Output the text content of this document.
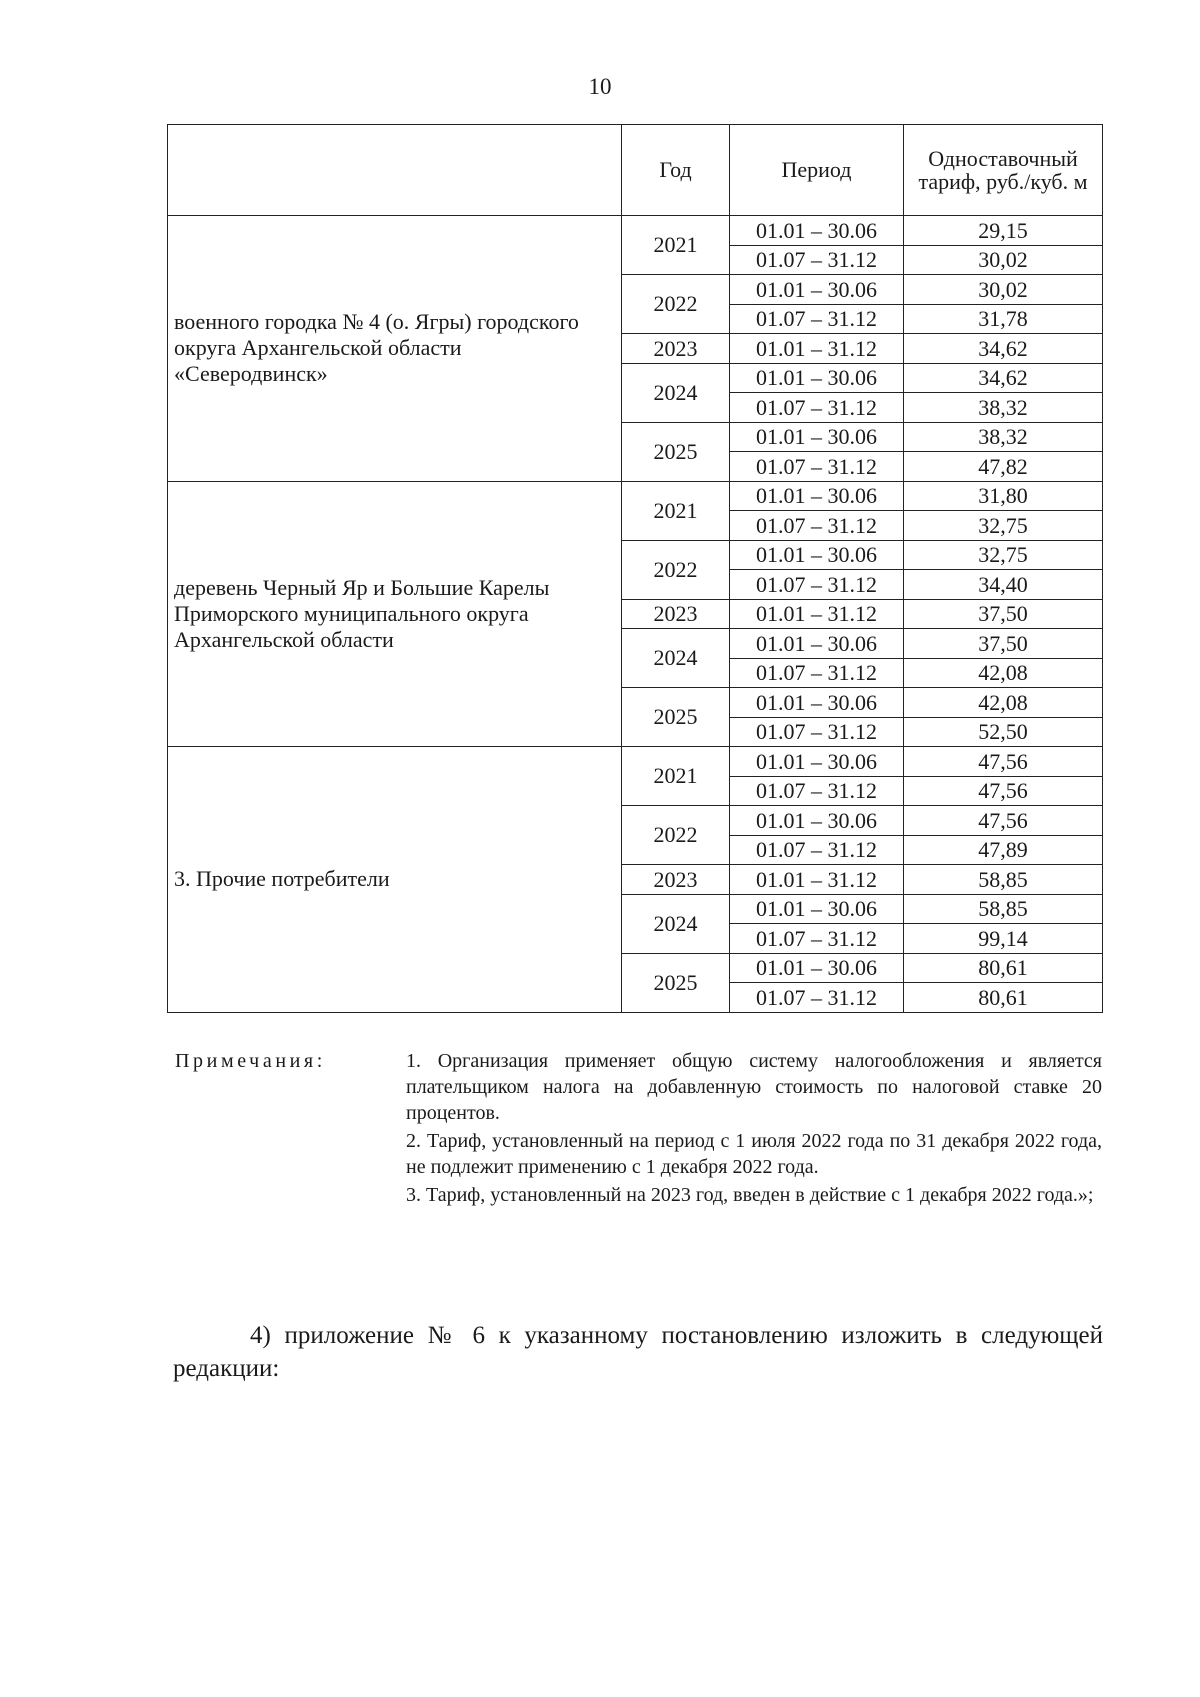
10
	Год	Период	Одноставочный тариф, руб./куб. м
военного городка № 4 (о. Ягры) городского округа Архангельской области «Северодвинск»	2021	01.01 – 30.06	29,15
		01.07 – 31.12	30,02
	2022	01.01 – 30.06	30,02
		01.07 – 31.12	31,78
	2023	01.01 – 31.12	34,62
	2024	01.01 – 30.06	34,62
		01.07 – 31.12	38,32
	2025	01.01 – 30.06	38,32
		01.07 – 31.12	47,82
деревень Черный Яр и Большие Карелы Приморского муниципального округа Архангельской области	2021	01.01 – 30.06	31,80
		01.07 – 31.12	32,75
	2022	01.01 – 30.06	32,75
		01.07 – 31.12	34,40
	2023	01.01 – 31.12	37,50
	2024	01.01 – 30.06	37,50
		01.07 – 31.12	42,08
	2025	01.01 – 30.06	42,08
		01.07 – 31.12	52,50
3. Прочие потребители	2021	01.01 – 30.06	47,56
		01.07 – 31.12	47,56
	2022	01.01 – 30.06	47,56
		01.07 – 31.12	47,89
	2023	01.01 – 31.12	58,85
	2024	01.01 – 30.06	58,85
		01.07 – 31.12	99,14
	2025	01.01 – 30.06	80,61
		01.07 – 31.12	80,61
Примечания:	1. Организация применяет общую систему налогообложения и является плательщиком налога на добавленную стоимость по налоговой ставке 20 процентов.

2. Тариф, установленный на период с 1 июля 2022 года по 31 декабря 2022 года, не подлежит применению с 1 декабря 2022 года.

3. Тариф, установленный на 2023 год, введен в действие с 1 декабря 2022 года.»;

4) приложение № 6 к указанному постановлению изложить в следующей редакции:
